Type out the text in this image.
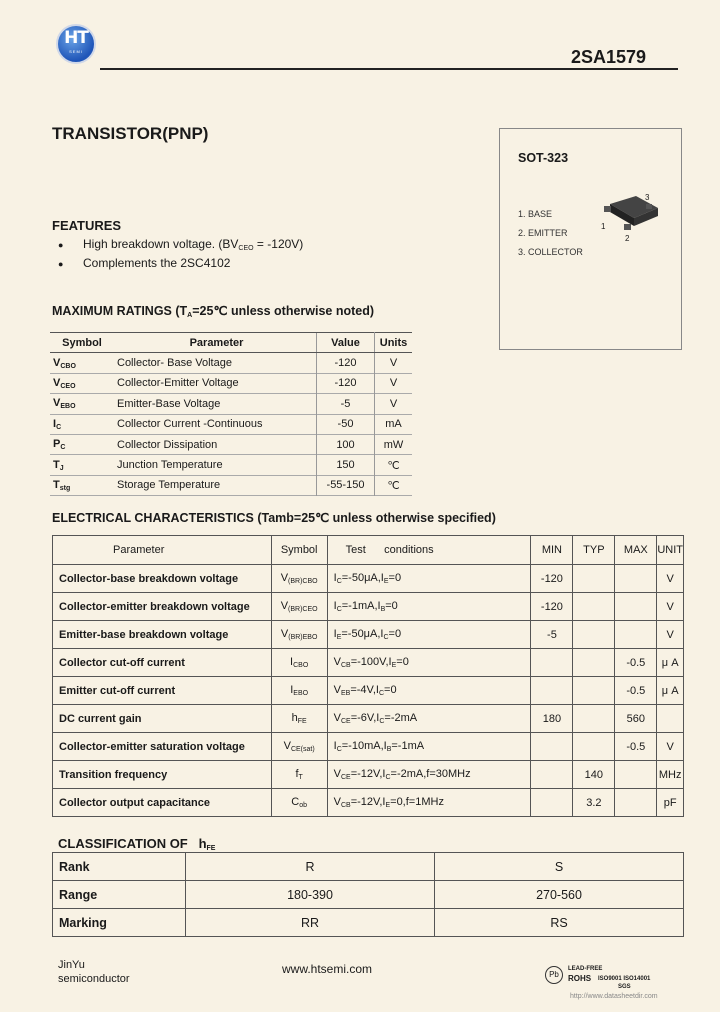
HT
SEMI	2SA1579
TRANSISTOR(PNP)
SOT-323
1. BASE
2. EMITTER
3. COLLECTOR
1
2
3
FEATURES
● High breakdown voltage. $(BV_{CEO} = -120V)$
● Complements the 2SC4102
MAXIMUM RATINGS ($T_A=25℃$ unless otherwise noted)
Symbol	Parameter	Value	Units
$V_{CBO}$	Collector- Base Voltage	-120	V
$V_{CEO}$	Collector-Emitter Voltage	-120	V
$V_{EBO}$	Emitter-Base Voltage	-5	V
$I_C$	Collector Current -Continuous	-50	mA
$P_C$	Collector Dissipation	100	mW
$T_J$	Junction Temperature	150	℃
$T_{stg}$	Storage Temperature	-55-150	℃
ELECTRICAL CHARACTERISTICS (Tamb=25℃ unless otherwise specified)
Parameter	Symbol	Test      conditions	MIN	TYP	MAX	UNIT
Collector-base breakdown voltage	$V_{(BR)CBO}$	$I_C=-50\mu A,I_E=0$	-120			V
Collector-emitter breakdown voltage	$V_{(BR)CEO}$	$I_C=-1mA,I_B=0$	-120			V
Emitter-base breakdown voltage	$V_{(BR)EBO}$	$I_E=-50\mu A,I_C=0$	-5			V
Collector cut-off current	$I_{CBO}$	$V_{CB}=-100V,I_E=0$			-0.5	μ A
Emitter cut-off current	$I_{EBO}$	$V_{EB}=-4V,I_C=0$			-0.5	μ A
DC current gain	$h_{FE}$	$V_{CE}=-6V,I_C=-2mA$	180		560	
Collector-emitter saturation voltage	$V_{CE(sat)}$	$I_C=-10mA,I_B=-1mA$			-0.5	V
Transition frequency	$f_T$	$V_{CE}=-12V,I_C=-2mA,f=30MHz$		140		MHz
Collector output capacitance	$C_{ob}$	$V_{CB}=-12V,I_E=0,f=1MHz$		3.2		pF
CLASSIFICATION OF   $h_{FE}$
Rank	R	S
Range	180-390	270-560
Marking	RR	RS
JinYu
semiconductor
www.htsemi.com	Pb
LEAD-FREE
ROHS ISO9001 ISO14001
SGS
http://www.datasheetdir.com
